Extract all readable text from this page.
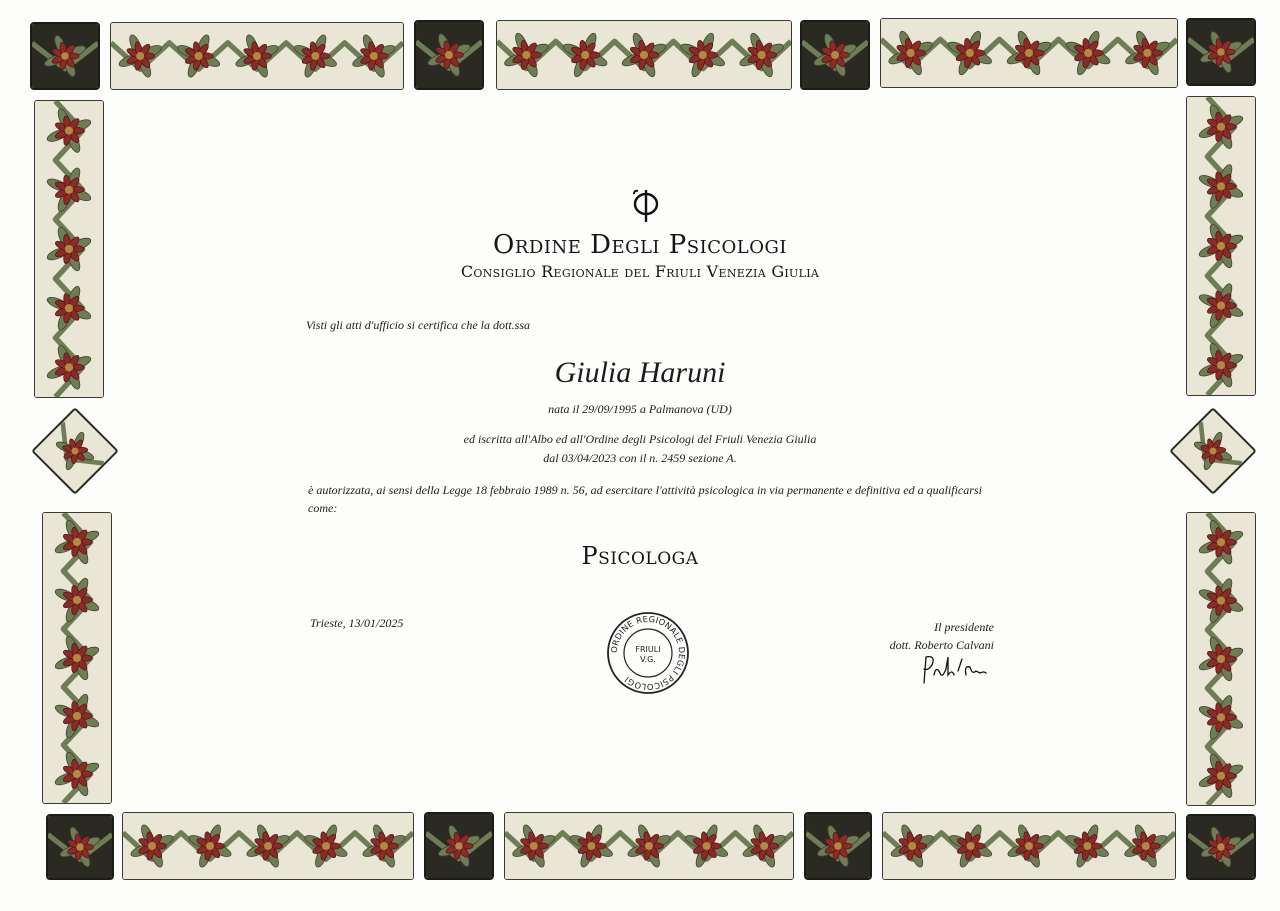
Ordine Degli Psicologi
Consiglio Regionale del Friuli Venezia Giulia
Visti gli atti d'ufficio si certifica che la dott.ssa
Giulia Haruni
nata il 29/09/1995 a Palmanova (UD)
ed iscritta all'Albo ed all'Ordine degli Psicologi del Friuli Venezia Giulia
dal 03/04/2023 con il n. 2459 sezione A.
è autorizzata, ai sensi della Legge 18 febbraio 1989 n. 56, ad esercitare l'attività psicologica in via permanente e definitiva ed a qualificarsi come:
Psicologa
Trieste, 13/01/2025
ORDINE REGIONALE DEGLI PSICOLOGI
FRIULI
V.G.
Il presidente
dott. Roberto Calvani
